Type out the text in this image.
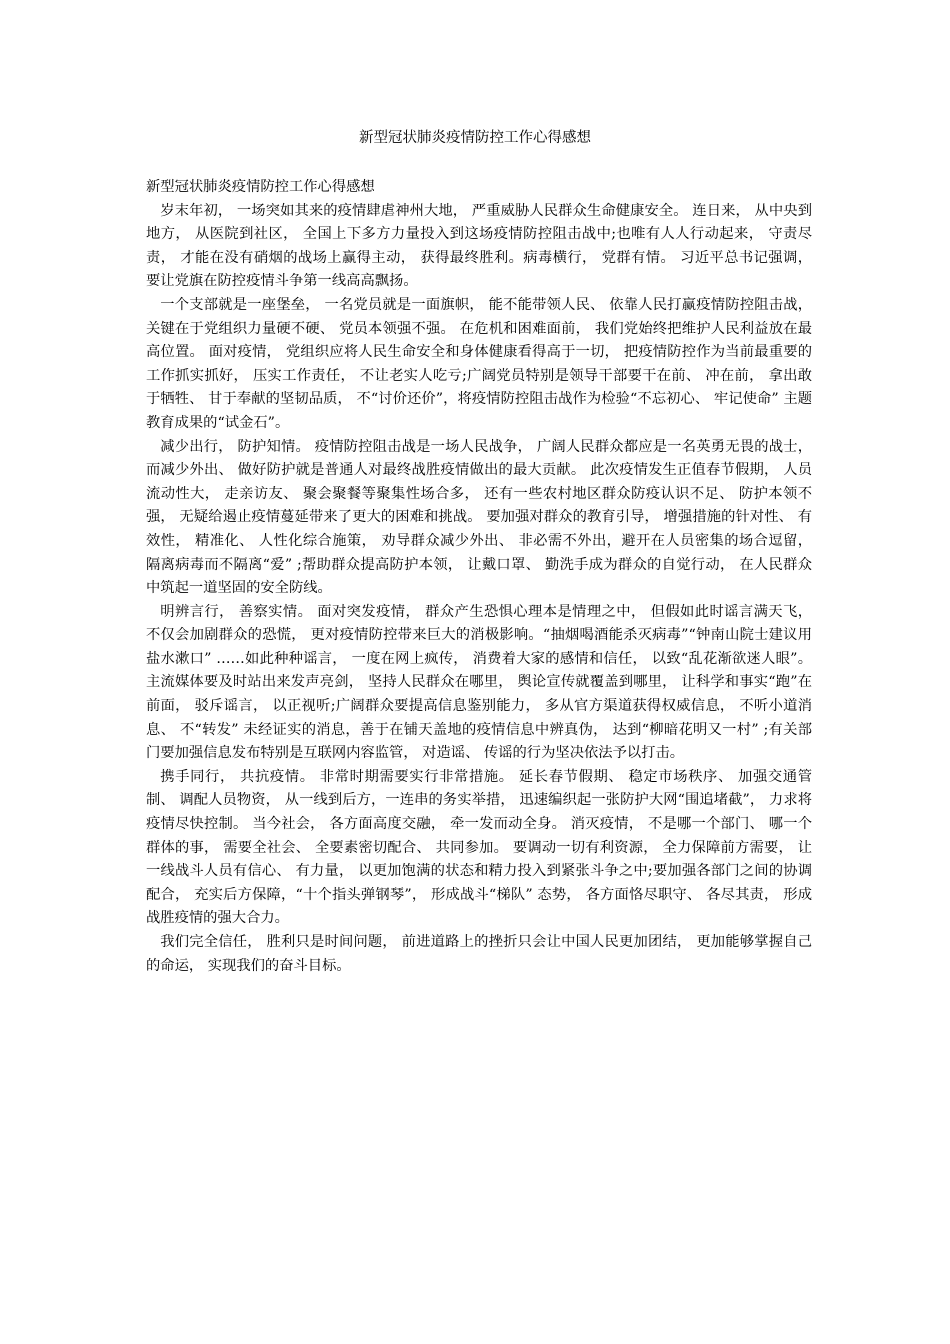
新型冠状肺炎疫情防控工作心得感想

新型冠状肺炎疫情防控工作心得感想

岁末年初， 一场突如其来的疫情肆虐神州大地， 严重威胁人民群众生命健康安全。 连日来， 从中央到地方， 从医院到社区， 全国上下多方力量投入到这场疫情防控阻击战中;也唯有人人行动起来， 守责尽责， 才能在没有硝烟的战场上赢得主动， 获得最终胜利。病毒横行， 党群有情。 习近平总书记强调， 要让党旗在防控疫情斗争第一线高高飘扬。

一个支部就是一座堡垒， 一名党员就是一面旗帜， 能不能带领人民、 依靠人民打赢疫情防控阻击战， 关键在于党组织力量硬不硬、 党员本领强不强。 在危机和困难面前， 我们党始终把维护人民利益放在最高位置。 面对疫情， 党组织应将人民生命安全和身体健康看得高于一切， 把疫情防控作为当前最重要的工作抓实抓好， 压实工作责任， 不让老实人吃亏;广阔党员特别是领导干部要干在前、 冲在前， 拿出敢于牺牲、 甘于奉献的坚韧品质， 不“讨价还价”，将疫情防控阻击战作为检验“不忘初心、 牢记使命” 主题教育成果的“试金石”。

减少出行， 防护知情。 疫情防控阻击战是一场人民战争， 广阔人民群众都应是一名英勇无畏的战士， 而减少外出、 做好防护就是普通人对最终战胜疫情做出的最大贡献。 此次疫情发生正值春节假期， 人员流动性大， 走亲访友、 聚会聚餐等聚集性场合多， 还有一些农村地区群众防疫认识不足、 防护本领不强， 无疑给遏止疫情蔓延带来了更大的困难和挑战。 要加强对群众的教育引导， 增强措施的针对性、 有效性， 精准化、 人性化综合施策， 劝导群众减少外出、 非必需不外出，避开在人员密集的场合逗留， 隔离病毒而不隔离“爱” ;帮助群众提高防护本领， 让戴口罩、 勤洗手成为群众的自觉行动， 在人民群众中筑起一道坚固的安全防线。

明辨言行， 善察实情。 面对突发疫情， 群众产生恐惧心理本是情理之中， 但假如此时谣言满天飞， 不仅会加剧群众的恐慌， 更对疫情防控带来巨大的消极影响。“抽烟喝酒能杀灭病毒”“钟南山院士建议用盐水漱口” ……如此种种谣言， 一度在网上疯传， 消费着大家的感情和信任， 以致“乱花渐欲迷人眼”。 主流媒体要及时站出来发声亮剑， 坚持人民群众在哪里， 舆论宣传就覆盖到哪里， 让科学和事实“跑”在前面， 驳斥谣言， 以正视听;广阔群众要提高信息鉴别能力， 多从官方渠道获得权威信息， 不听小道消息、 不“转发” 未经证实的消息，善于在铺天盖地的疫情信息中辨真伪， 达到“柳暗花明又一村” ;有关部门要加强信息发布特别是互联网内容监管， 对造谣、 传谣的行为坚决依法予以打击。

携手同行， 共抗疫情。 非常时期需要实行非常措施。 延长春节假期、 稳定市场秩序、 加强交通管制、 调配人员物资， 从一线到后方，一连串的务实举措， 迅速编织起一张防护大网“围追堵截”， 力求将疫情尽快控制。 当今社会， 各方面高度交融， 牵一发而动全身。 消灭疫情， 不是哪一个部门、 哪一个群体的事， 需要全社会、 全要素密切配合、 共同参加。 要调动一切有利资源， 全力保障前方需要， 让一线战斗人员有信心、 有力量， 以更加饱满的状态和精力投入到紧张斗争之中;要加强各部门之间的协调配合， 充实后方保障，“十个指头弹钢琴”， 形成战斗“梯队” 态势， 各方面恪尽职守、 各尽其责， 形成战胜疫情的强大合力。

我们完全信任， 胜利只是时间问题， 前进道路上的挫折只会让中国人民更加团结， 更加能够掌握自己的命运， 实现我们的奋斗目标。
